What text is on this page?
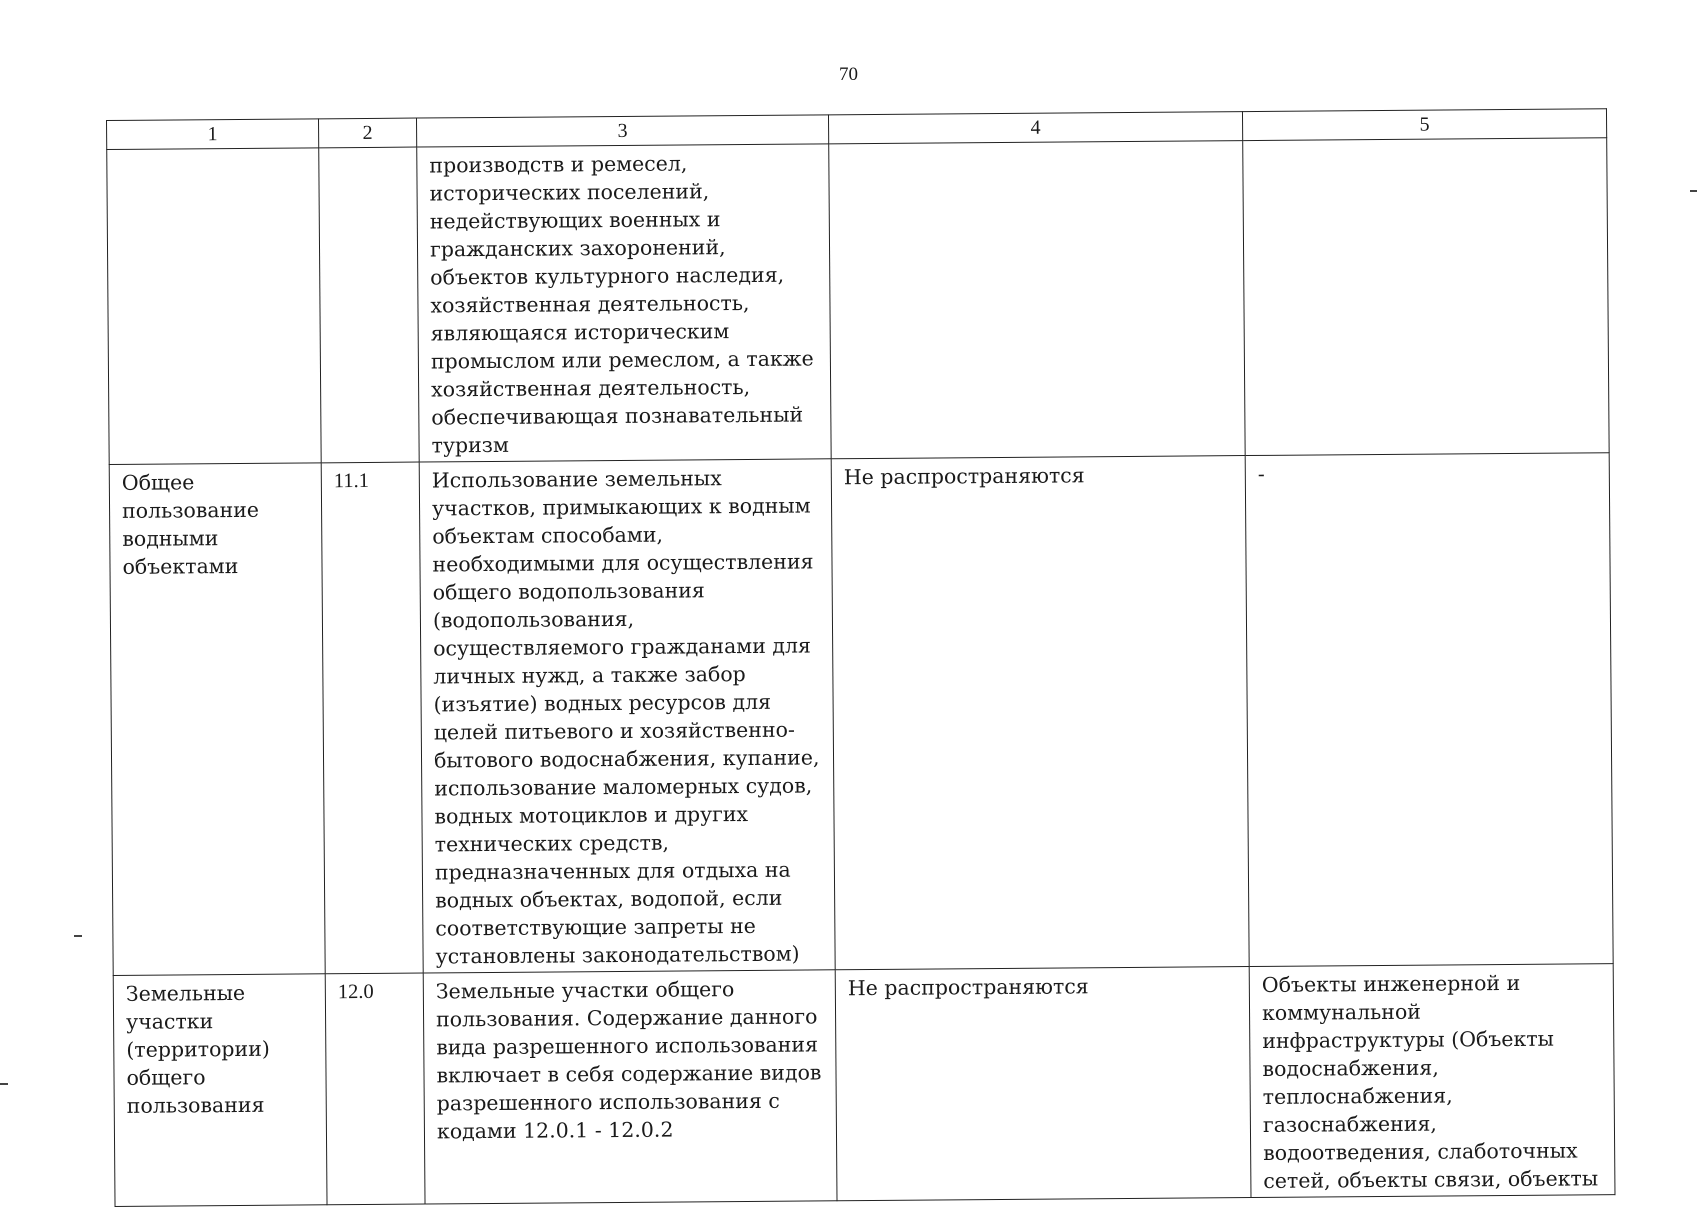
70
1	2	3	4	5
		производств и ремесел, исторических поселений, недействующих военных и гражданских захоронений, объектов культурного наследия, хозяйственная деятельность, являющаяся историческим промыслом или ремеслом, а также хозяйственная деятельность, обеспечивающая познавательный туризм		
Общее пользование водными объектами	11.1	Использование земельных участков, примыкающих к водным объектам способами, необходимыми для осуществления общего водопользования (водопользования, осуществляемого гражданами для личных нужд, а также забор (изъятие) водных ресурсов для целей питьевого и хозяйственно-бытового водоснабжения, купание, использование маломерных судов, водных мотоциклов и других технических средств, предназначенных для отдыха на водных объектах, водопой, если соответствующие запреты не установлены законодательством)	Не распространяются	-
Земельные участки (территории) общего пользования	12.0	Земельные участки общего пользования. Содержание данного вида разрешенного использования включает в себя содержание видов разрешенного использования с кодами 12.0.1 - 12.0.2	Не распространяются	Объекты инженерной и коммунальной инфраструктуры (Объекты водоснабжения, теплоснабжения, газоснабжения, водоотведения, слаботочных сетей, объекты связи, объекты
